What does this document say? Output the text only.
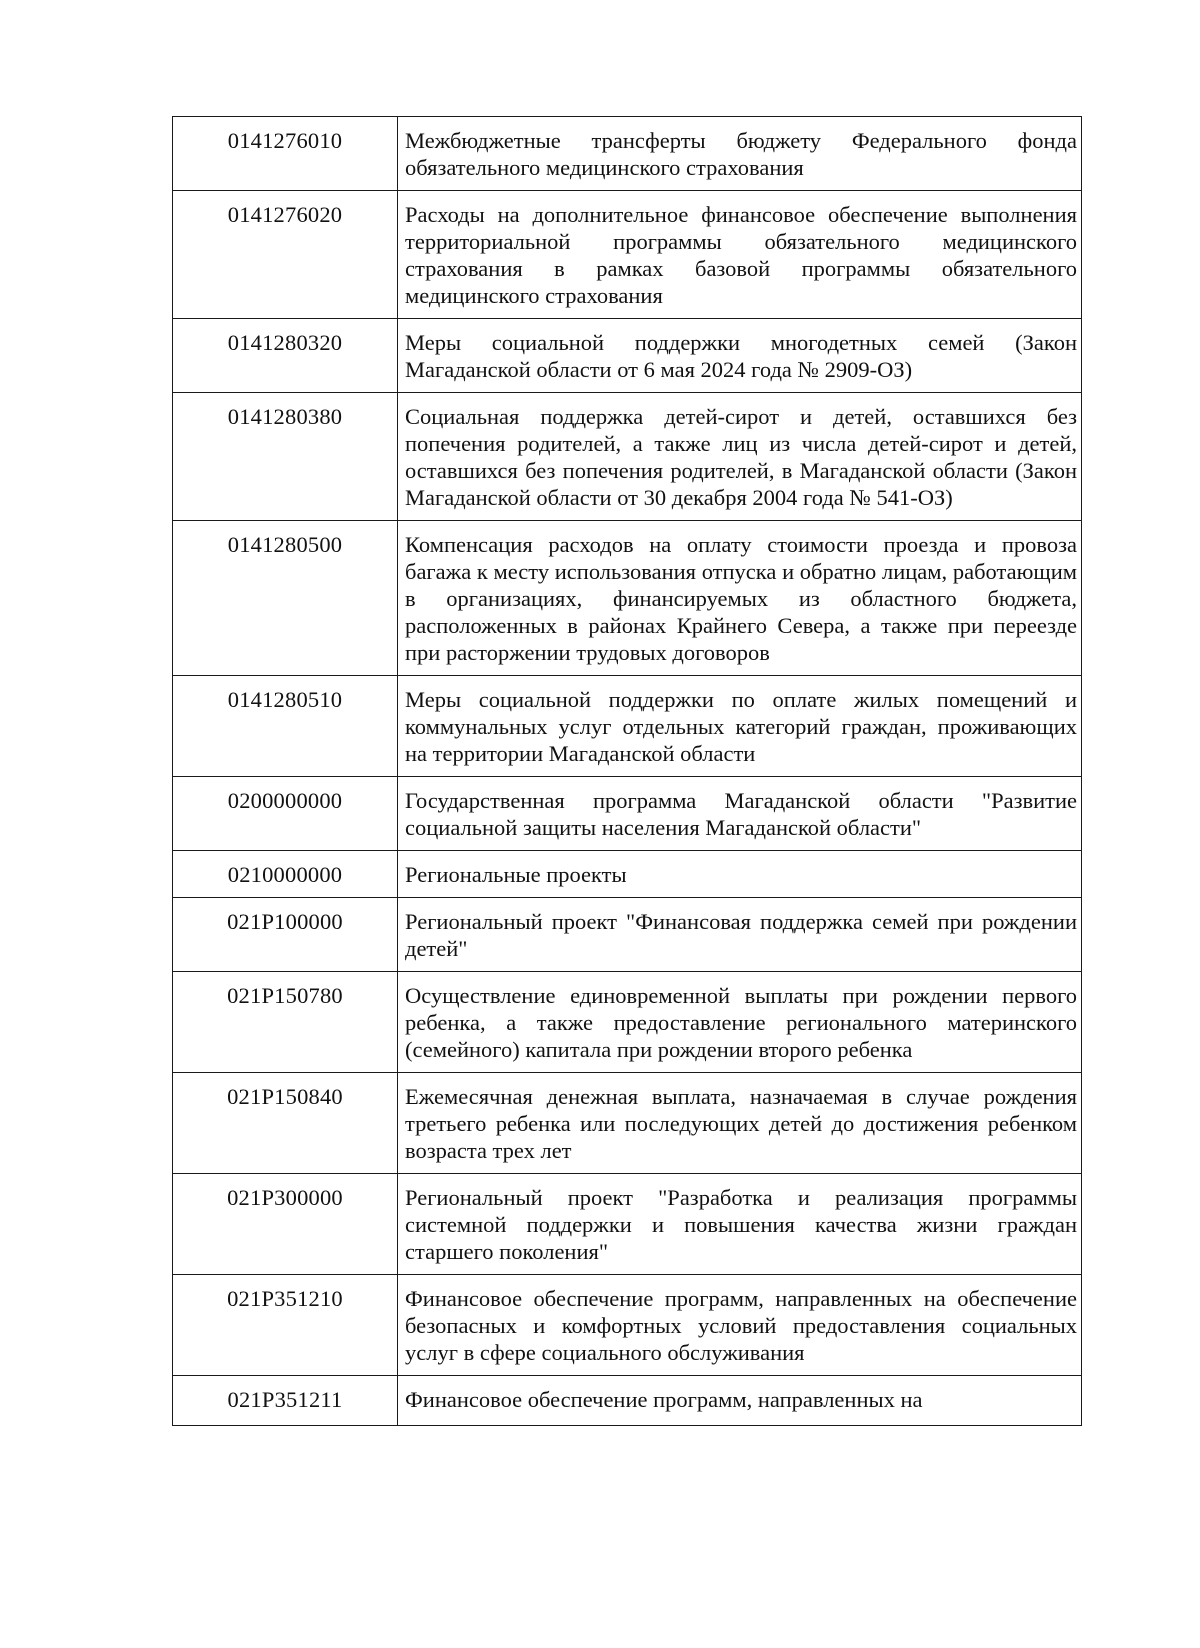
0141276010	Межбюджетные трансферты бюджету Федерального фонда обязательного медицинского страхования
0141276020	Расходы на дополнительное финансовое обеспечение выполнения территориальной программы обязательного медицинского страхования в рамках базовой программы обязательного медицинского страхования
0141280320	Меры социальной поддержки многодетных семей (Закон Магаданской области от 6 мая 2024 года № 2909-ОЗ)
0141280380	Социальная поддержка детей-сирот и детей, оставшихся без попечения родителей, а также лиц из числа детей-сирот и детей, оставшихся без попечения родителей, в Магаданской области (Закон Магаданской области от 30 декабря 2004 года № 541-ОЗ)
0141280500	Компенсация расходов на оплату стоимости проезда и провоза багажа к месту использования отпуска и обратно лицам, работающим в организациях, финансируемых из областного бюджета, расположенных в районах Крайнего Севера, а также при переезде при расторжении трудовых договоров
0141280510	Меры социальной поддержки по оплате жилых помещений и коммунальных услуг отдельных категорий граждан, проживающих на территории Магаданской области
0200000000	Государственная программа Магаданской области "Развитие социальной защиты населения Магаданской области"
0210000000	Региональные проекты
021P100000	Региональный проект "Финансовая поддержка семей при рождении детей"
021P150780	Осуществление единовременной выплаты при рождении первого ребенка, а также предоставление регионального материнского (семейного) капитала при рождении второго ребенка
021P150840	Ежемесячная денежная выплата, назначаемая в случае рождения третьего ребенка или последующих детей до достижения ребенком возраста трех лет
021P300000	Региональный проект "Разработка и реализация программы системной поддержки и повышения качества жизни граждан старшего поколения"
021P351210	Финансовое обеспечение программ, направленных на обеспечение безопасных и комфортных условий предоставления социальных услуг в сфере социального обслуживания
021P351211	Финансовое обеспечение программ, направленных на
